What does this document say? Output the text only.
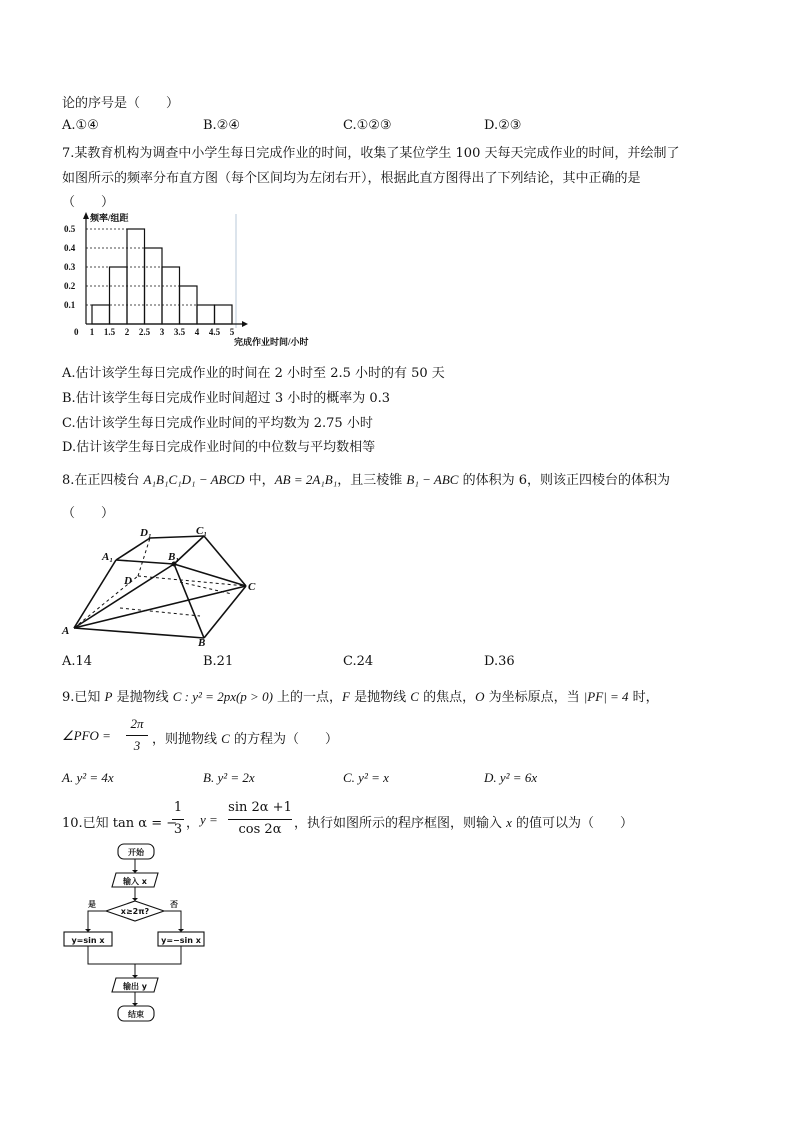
论的序号是（　　）
A.①④	B.②④	C.①②③	D.②③
7.某教育机构为调查中小学生每日完成作业的时间，收集了某位学生 100 天每天完成作业的时间，并绘制了
如图所示的频率分布直方图（每个区间均为左闭右开），根据此直方图得出了下列结论，其中正确的是
（　　）
0.5
0.4
0.3
0.2
0.1
1 1.5 2 2.5 3 3.5 4 4.5 5
0
频率/组距
完成作业时间/小时
A.估计该学生每日完成作业的时间在 2 小时至 2.5 小时的有 50 天
B.估计该学生每日完成作业时间超过 3 小时的概率为 0.3
C.估计该学生每日完成作业时间的平均数为 2.75 小时
D.估计该学生每日完成作业时间的中位数与平均数相等
8.在正四棱台 A₁B₁C₁D₁ − ABCD 中，AB = 2A₁B₁，且三棱锥 B₁ − ABC 的体积为 6，则该正四棱台的体积为
（　　）
A
B
C
D
A₁	B₁
C₁
D₁
A.14	B.21	C.24	D.36
9.已知 P 是抛物线 C : y² = 2px(p > 0) 上的一点，F 是抛物线 C 的焦点，O 为坐标原点，当 |PF| = 4 时，
∠PFO =
2π
3 ，则抛物线 C 的方程为（　　）
A. y² = 4x	B. y² = 2x	C. y² = x	D. y² = 6x
10.已知 tan α = −
1
3 ， y =
sin 2α +1
cos 2α ，执行如图所示的程序框图，则输入 x 的值可以为（　　）
开始
输入 x
x≥2π?
是	否
y=sin x	y=−sin x
输出 y
结束
